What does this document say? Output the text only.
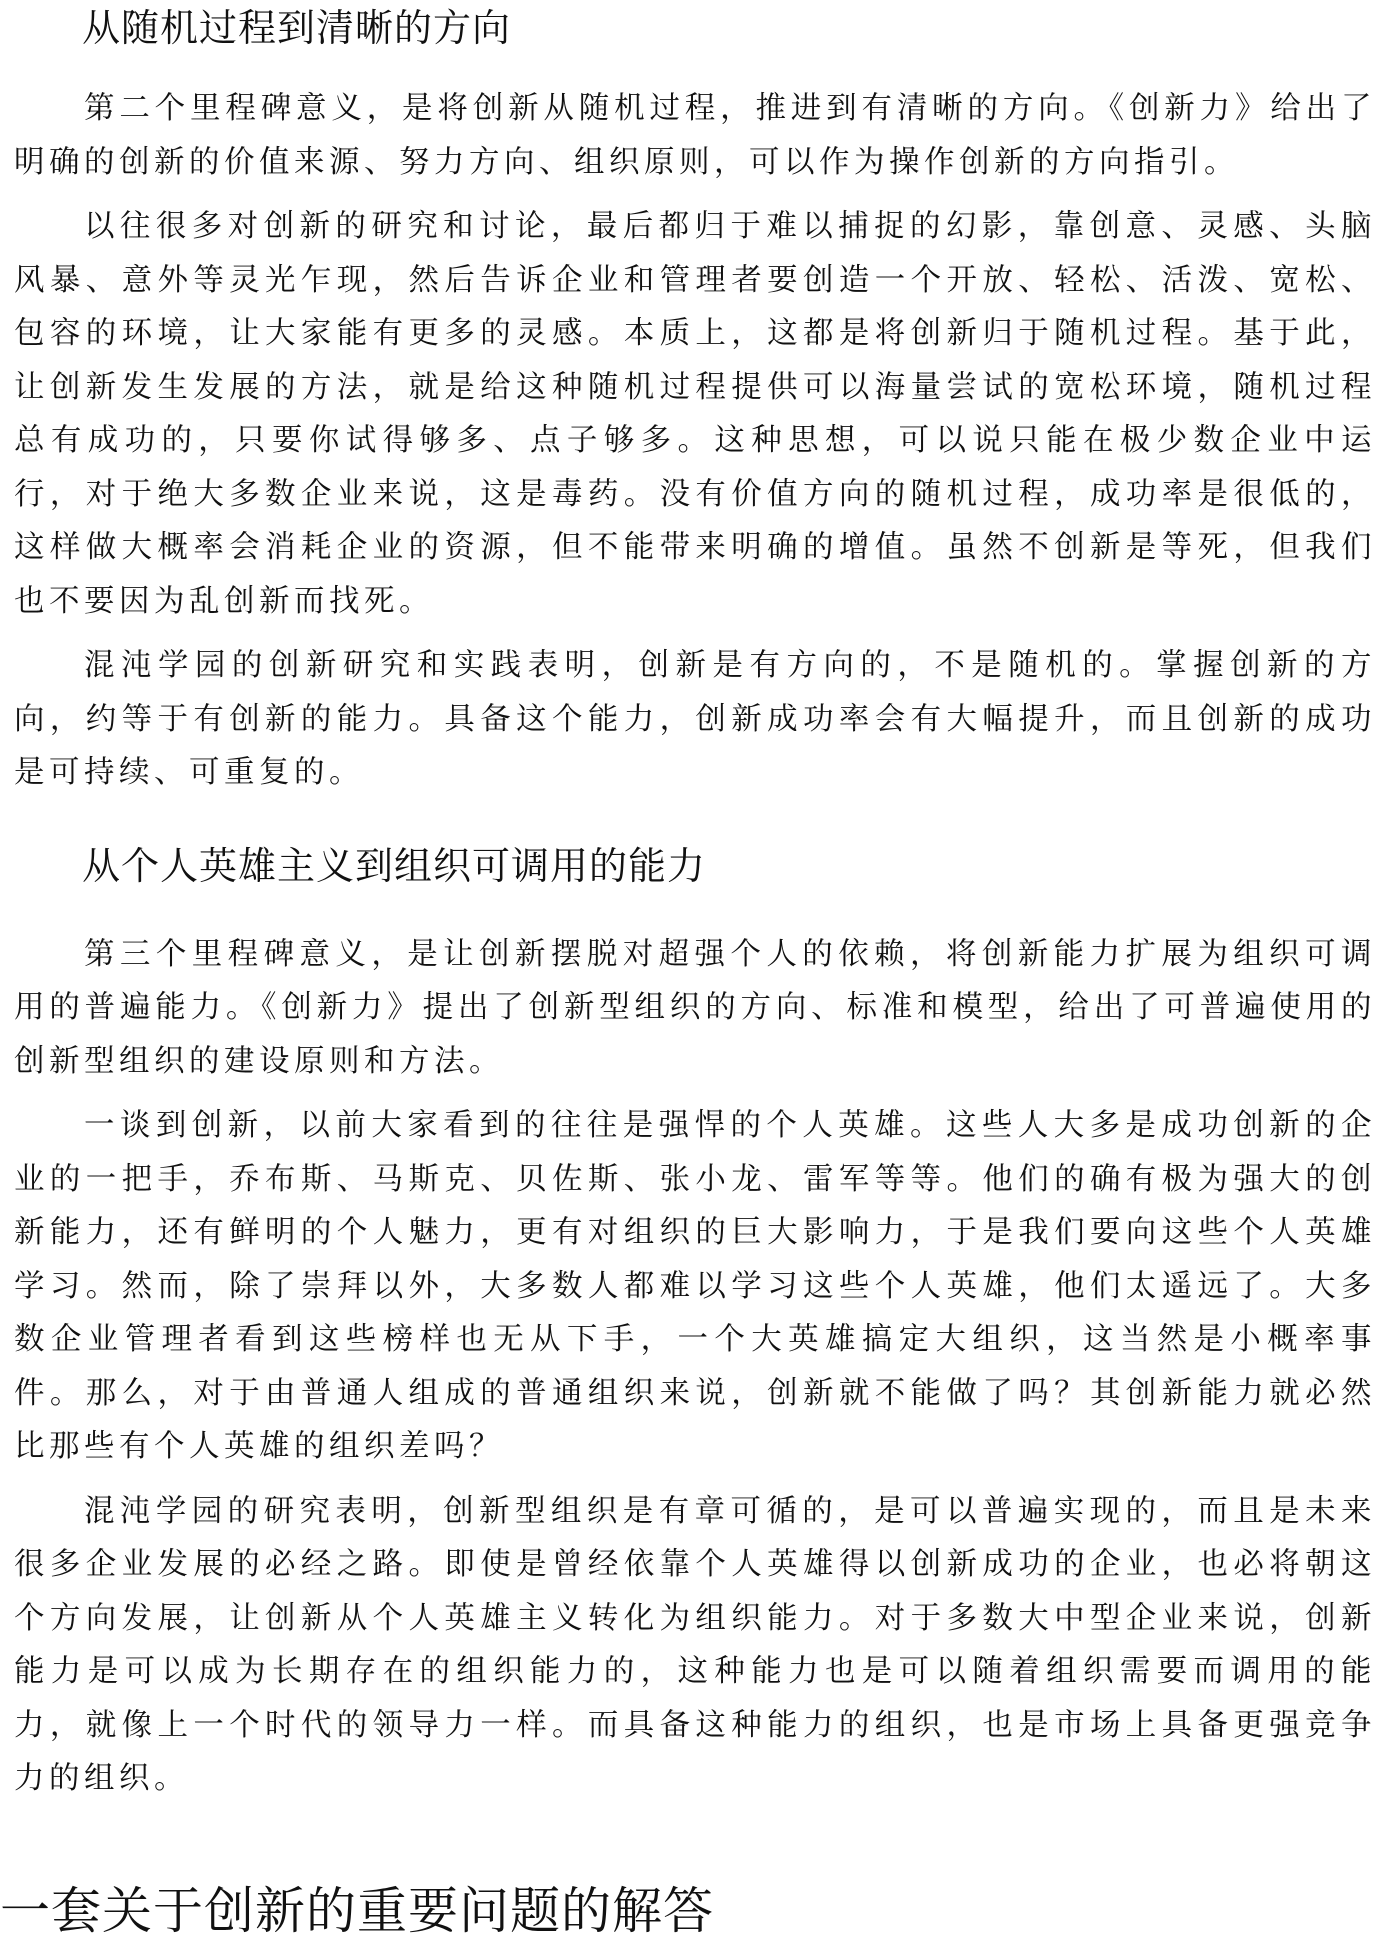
从随机过程到清晰的方向

第二个里程碑意义，是将创新从随机过程，推进到有清晰的方向。《创新力》给出了明确的创新的价值来源、努力方向、组织原则，可以作为操作创新的方向指引。

以往很多对创新的研究和讨论，最后都归于难以捕捉的幻影，靠创意、灵感、头脑风暴、意外等灵光乍现，然后告诉企业和管理者要创造一个开放、轻松、活泼、宽松、包容的环境，让大家能有更多的灵感。本质上，这都是将创新归于随机过程。基于此，让创新发生发展的方法，就是给这种随机过程提供可以海量尝试的宽松环境，随机过程总有成功的，只要你试得够多、点子够多。这种思想，可以说只能在极少数企业中运行，对于绝大多数企业来说，这是毒药。没有价值方向的随机过程，成功率是很低的，这样做大概率会消耗企业的资源，但不能带来明确的增值。虽然不创新是等死，但我们也不要因为乱创新而找死。

混沌学园的创新研究和实践表明，创新是有方向的，不是随机的。掌握创新的方向，约等于有创新的能力。具备这个能力，创新成功率会有大幅提升，而且创新的成功是可持续、可重复的。

从个人英雄主义到组织可调用的能力

第三个里程碑意义，是让创新摆脱对超强个人的依赖，将创新能力扩展为组织可调用的普遍能力。《创新力》提出了创新型组织的方向、标准和模型，给出了可普遍使用的创新型组织的建设原则和方法。

一谈到创新，以前大家看到的往往是强悍的个人英雄。这些人大多是成功创新的企业的一把手，乔布斯、马斯克、贝佐斯、张小龙、雷军等等。他们的确有极为强大的创新能力，还有鲜明的个人魅力，更有对组织的巨大影响力，于是我们要向这些个人英雄学习。然而，除了崇拜以外，大多数人都难以学习这些个人英雄，他们太遥远了。大多数企业管理者看到这些榜样也无从下手，一个大英雄搞定大组织，这当然是小概率事件。那么，对于由普通人组成的普通组织来说，创新就不能做了吗？其创新能力就必然比那些有个人英雄的组织差吗？

混沌学园的研究表明，创新型组织是有章可循的，是可以普遍实现的，而且是未来很多企业发展的必经之路。即使是曾经依靠个人英雄得以创新成功的企业，也必将朝这个方向发展，让创新从个人英雄主义转化为组织能力。对于多数大中型企业来说，创新能力是可以成为长期存在的组织能力的，这种能力也是可以随着组织需要而调用的能力，就像上一个时代的领导力一样。而具备这种能力的组织，也是市场上具备更强竞争力的组织。

一套关于创新的重要问题的解答
